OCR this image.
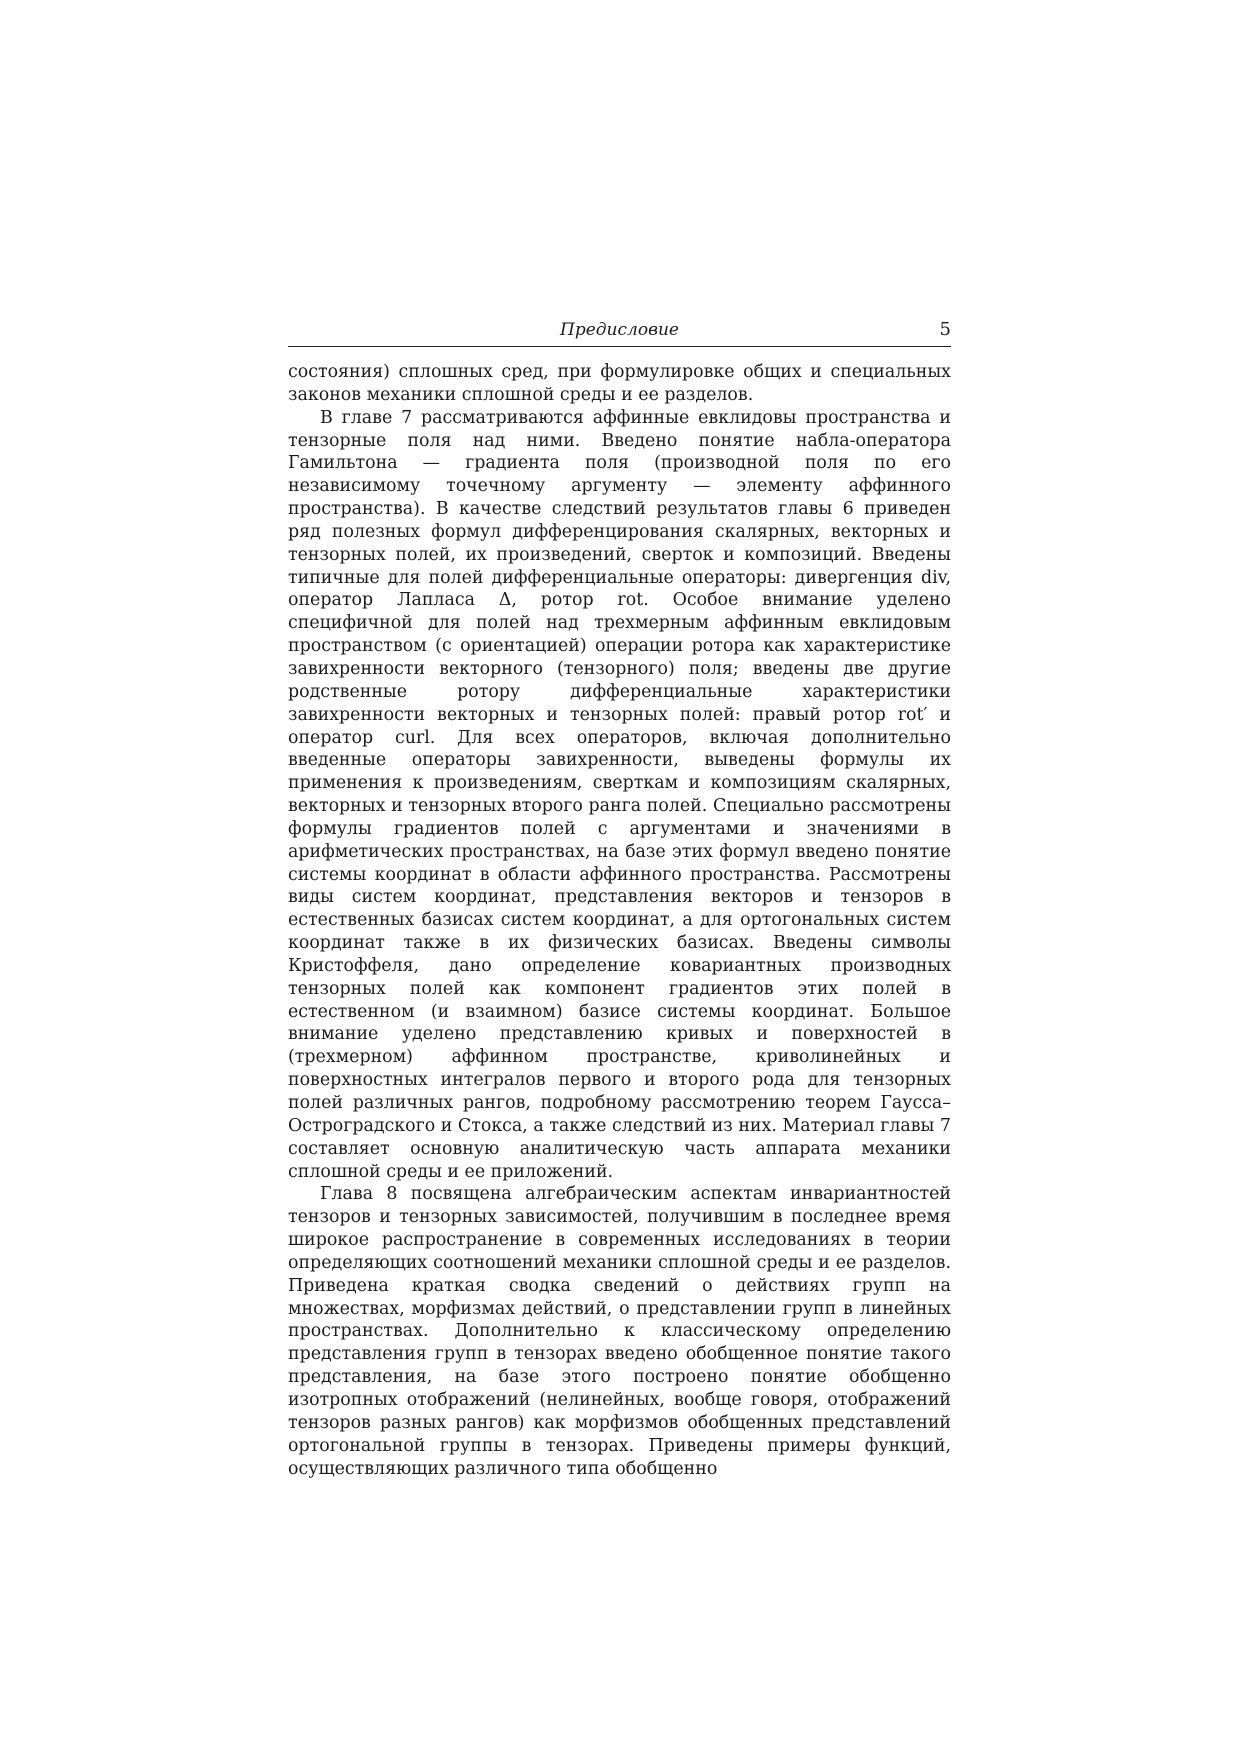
Предисловие	5

состояния) сплошных сред, при формулировке общих и специальных законов механики сплошной среды и ее разделов.

В главе 7 рассматриваются аффинные евклидовы пространства и тензорные поля над ними. Введено понятие набла-оператора Гамильтона — градиента поля (производной поля по его независимому точечному аргументу — элементу аффинного пространства). В качестве следствий результатов главы 6 приведен ряд полезных формул дифференцирования скалярных, векторных и тензорных полей, их произведений, сверток и композиций. Введены типичные для полей дифференциальные операторы: дивергенция div, оператор Лапласа Δ, ротор rot. Особое внимание уделено специфичной для полей над трехмерным аффинным евклидовым пространством (с ориентацией) операции ротора как характеристике завихренности векторного (тензорного) поля; введены две другие родственные ротору дифференциальные характеристики завихренности векторных и тензорных полей: правый ротор rot′ и оператор curl. Для всех операторов, включая дополнительно введенные операторы завихренности, выведены формулы их применения к произведениям, сверткам и композициям скалярных, векторных и тензорных второго ранга полей. Специально рассмотрены формулы градиентов полей с аргументами и значениями в арифметических пространствах, на базе этих формул введено понятие системы координат в области аффинного пространства. Рассмотрены виды систем координат, представления векторов и тензоров в естественных базисах систем координат, а для ортогональных систем координат также в их физических базисах. Введены символы Кристоффеля, дано определение ковариантных производных тензорных полей как компонент градиентов этих полей в естественном (и взаимном) базисе системы координат. Большое внимание уделено представлению кривых и поверхностей в (трехмерном) аффинном пространстве, криволинейных и поверхностных интегралов первого и второго рода для тензорных полей различных рангов, подробному рассмотрению теорем Гаусса–Остроградского и Стокса, а также следствий из них. Материал главы 7 составляет основную аналитическую часть аппарата механики сплошной среды и ее приложений.

Глава 8 посвящена алгебраическим аспектам инвариантностей тензоров и тензорных зависимостей, получившим в последнее время широкое распространение в современных исследованиях в теории определяющих соотношений механики сплошной среды и ее разделов. Приведена краткая сводка сведений о действиях групп на множествах, морфизмах действий, о представлении групп в линейных пространствах. Дополнительно к классическому определению представления групп в тензорах введено обобщенное понятие такого представления, на базе этого построено понятие обобщенно изотропных отображений (нелинейных, вообще говоря, отображений тензоров разных рангов) как морфизмов обобщенных представлений ортогональной группы в тензорах. Приведены примеры функций, осуществляющих различного типа обобщенно
